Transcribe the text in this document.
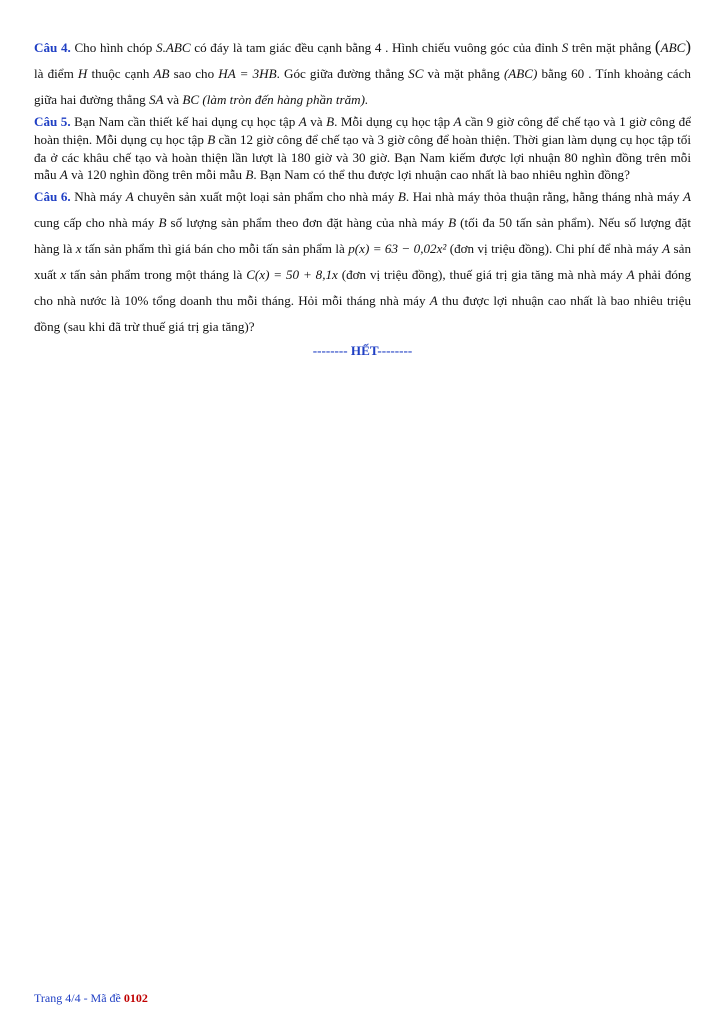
Câu 4. Cho hình chóp S.ABC có đáy là tam giác đều cạnh bằng 4 . Hình chiếu vuông góc của đỉnh S trên mặt phẳng (ABC) là điểm H thuộc cạnh AB sao cho HA = 3HB. Góc giữa đường thẳng SC và mặt phẳng (ABC) bằng 60 . Tính khoảng cách giữa hai đường thẳng SA và BC (làm tròn đến hàng phần trăm).

Câu 5. Bạn Nam cần thiết kế hai dụng cụ học tập A và B. Mỗi dụng cụ học tập A cần 9 giờ công để chế tạo và 1 giờ công để hoàn thiện. Mỗi dụng cụ học tập B cần 12 giờ công để chế tạo và 3 giờ công để hoàn thiện. Thời gian làm dụng cụ học tập tối đa ở các khâu chế tạo và hoàn thiện lần lượt là 180 giờ và 30 giờ. Bạn Nam kiếm được lợi nhuận 80 nghìn đồng trên mỗi mẫu A và 120 nghìn đồng trên mỗi mẫu B. Bạn Nam có thể thu được lợi nhuận cao nhất là bao nhiêu nghìn đồng?

Câu 6. Nhà máy A chuyên sản xuất một loại sản phẩm cho nhà máy B. Hai nhà máy thỏa thuận rằng, hằng tháng nhà máy A cung cấp cho nhà máy B số lượng sản phẩm theo đơn đặt hàng của nhà máy B (tối đa 50 tấn sản phẩm). Nếu số lượng đặt hàng là x tấn sản phẩm thì giá bán cho mỗi tấn sản phẩm là p(x) = 63 − 0,02x² (đơn vị triệu đồng). Chi phí để nhà máy A sản xuất x tấn sản phẩm trong một tháng là C(x) = 50 + 8,1x (đơn vị triệu đồng), thuế giá trị gia tăng mà nhà máy A phải đóng cho nhà nước là 10% tổng doanh thu mỗi tháng. Hỏi mỗi tháng nhà máy A thu được lợi nhuận cao nhất là bao nhiêu triệu đồng (sau khi đã trừ thuế giá trị gia tăng)?

-------- HẾT--------
Trang 4/4 - Mã đề 0102
